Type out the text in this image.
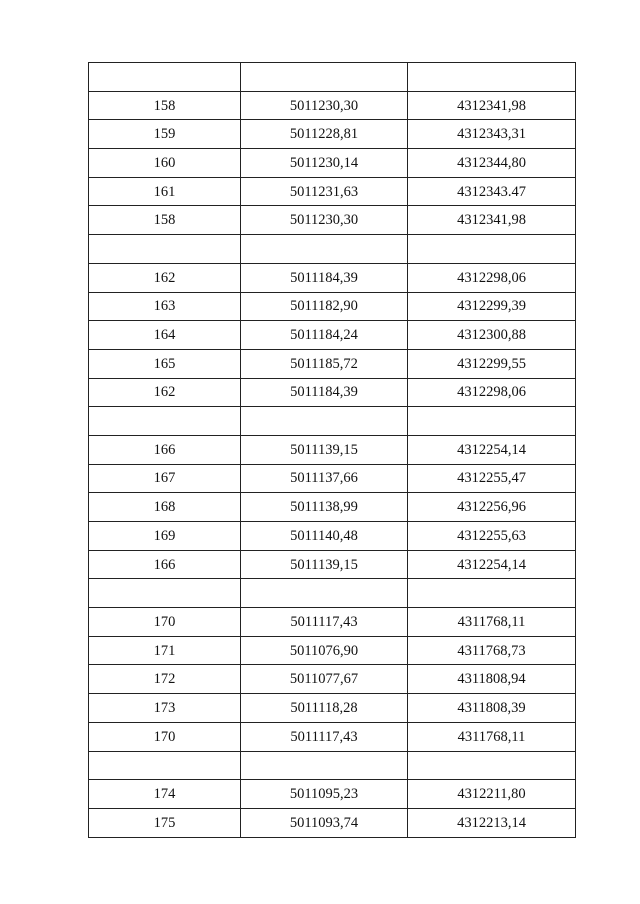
158	5011230,30	4312341,98
159	5011228,81	4312343,31
160	5011230,14	4312344,80
161	5011231,63	4312343.47
158	5011230,30	4312341,98

162	5011184,39	4312298,06
163	5011182,90	4312299,39
164	5011184,24	4312300,88
165	5011185,72	4312299,55
162	5011184,39	4312298,06

166	5011139,15	4312254,14
167	5011137,66	4312255,47
168	5011138,99	4312256,96
169	5011140,48	4312255,63
166	5011139,15	4312254,14

170	5011117,43	4311768,11
171	5011076,90	4311768,73
172	5011077,67	4311808,94
173	5011118,28	4311808,39
170	5011117,43	4311768,11

174	5011095,23	4312211,80
175	5011093,74	4312213,14
